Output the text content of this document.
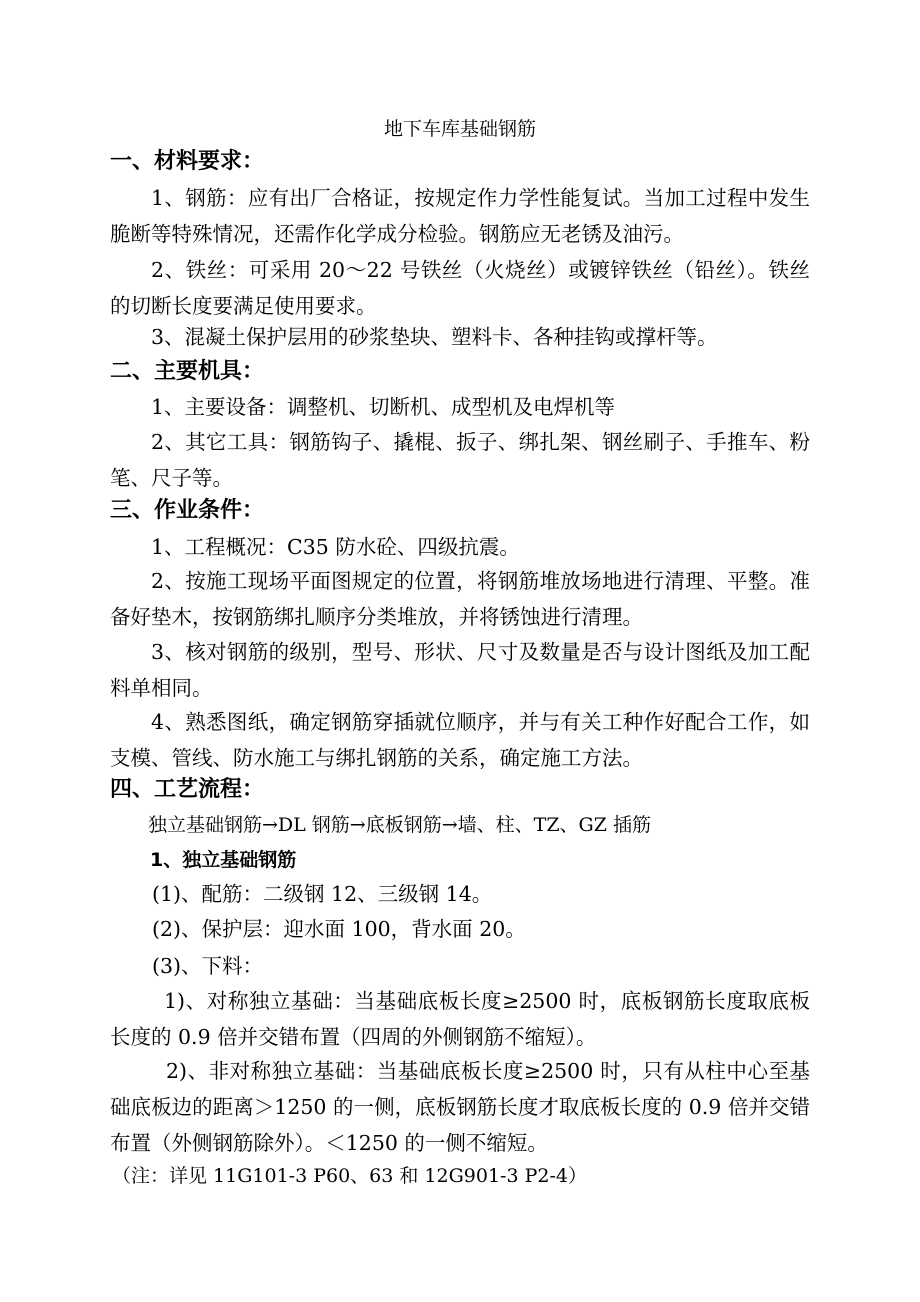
地下车库基础钢筋
一、材料要求：
1、钢筋：应有出厂合格证，按规定作力学性能复试。当加工过程中发生脆断等特殊情况，还需作化学成分检验。钢筋应无老锈及油污。
2、铁丝：可采用 20～22 号铁丝（火烧丝）或镀锌铁丝（铅丝）。铁丝的切断长度要满足使用要求。
3、混凝土保护层用的砂浆垫块、塑料卡、各种挂钩或撑杆等。
二、主要机具：
1、主要设备：调整机、切断机、成型机及电焊机等
2、其它工具：钢筋钩子、撬棍、扳子、绑扎架、钢丝刷子、手推车、粉笔、尺子等。
三、作业条件：
1、工程概况：C35 防水砼、四级抗震。
2、按施工现场平面图规定的位置，将钢筋堆放场地进行清理、平整。准备好垫木，按钢筋绑扎顺序分类堆放，并将锈蚀进行清理。
3、核对钢筋的级别，型号、形状、尺寸及数量是否与设计图纸及加工配料单相同。
4、熟悉图纸，确定钢筋穿插就位顺序，并与有关工种作好配合工作，如支模、管线、防水施工与绑扎钢筋的关系，确定施工方法。
四、工艺流程：
独立基础钢筋→DL 钢筋→底板钢筋→墙、柱、TZ、GZ 插筋
1、独立基础钢筋
(1)、配筋：二级钢 12、三级钢 14。
(2)、保护层：迎水面 100，背水面 20。
(3)、下料：
1)、对称独立基础：当基础底板长度≥2500 时，底板钢筋长度取底板长度的 0.9 倍并交错布置（四周的外侧钢筋不缩短）。
2)、非对称独立基础：当基础底板长度≥2500 时，只有从柱中心至基础底板边的距离＞1250 的一侧，底板钢筋长度才取底板长度的 0.9 倍并交错布置（外侧钢筋除外）。＜1250 的一侧不缩短。
（注：详见 11G101-3 P60、63 和 12G901-3 P2-4）
